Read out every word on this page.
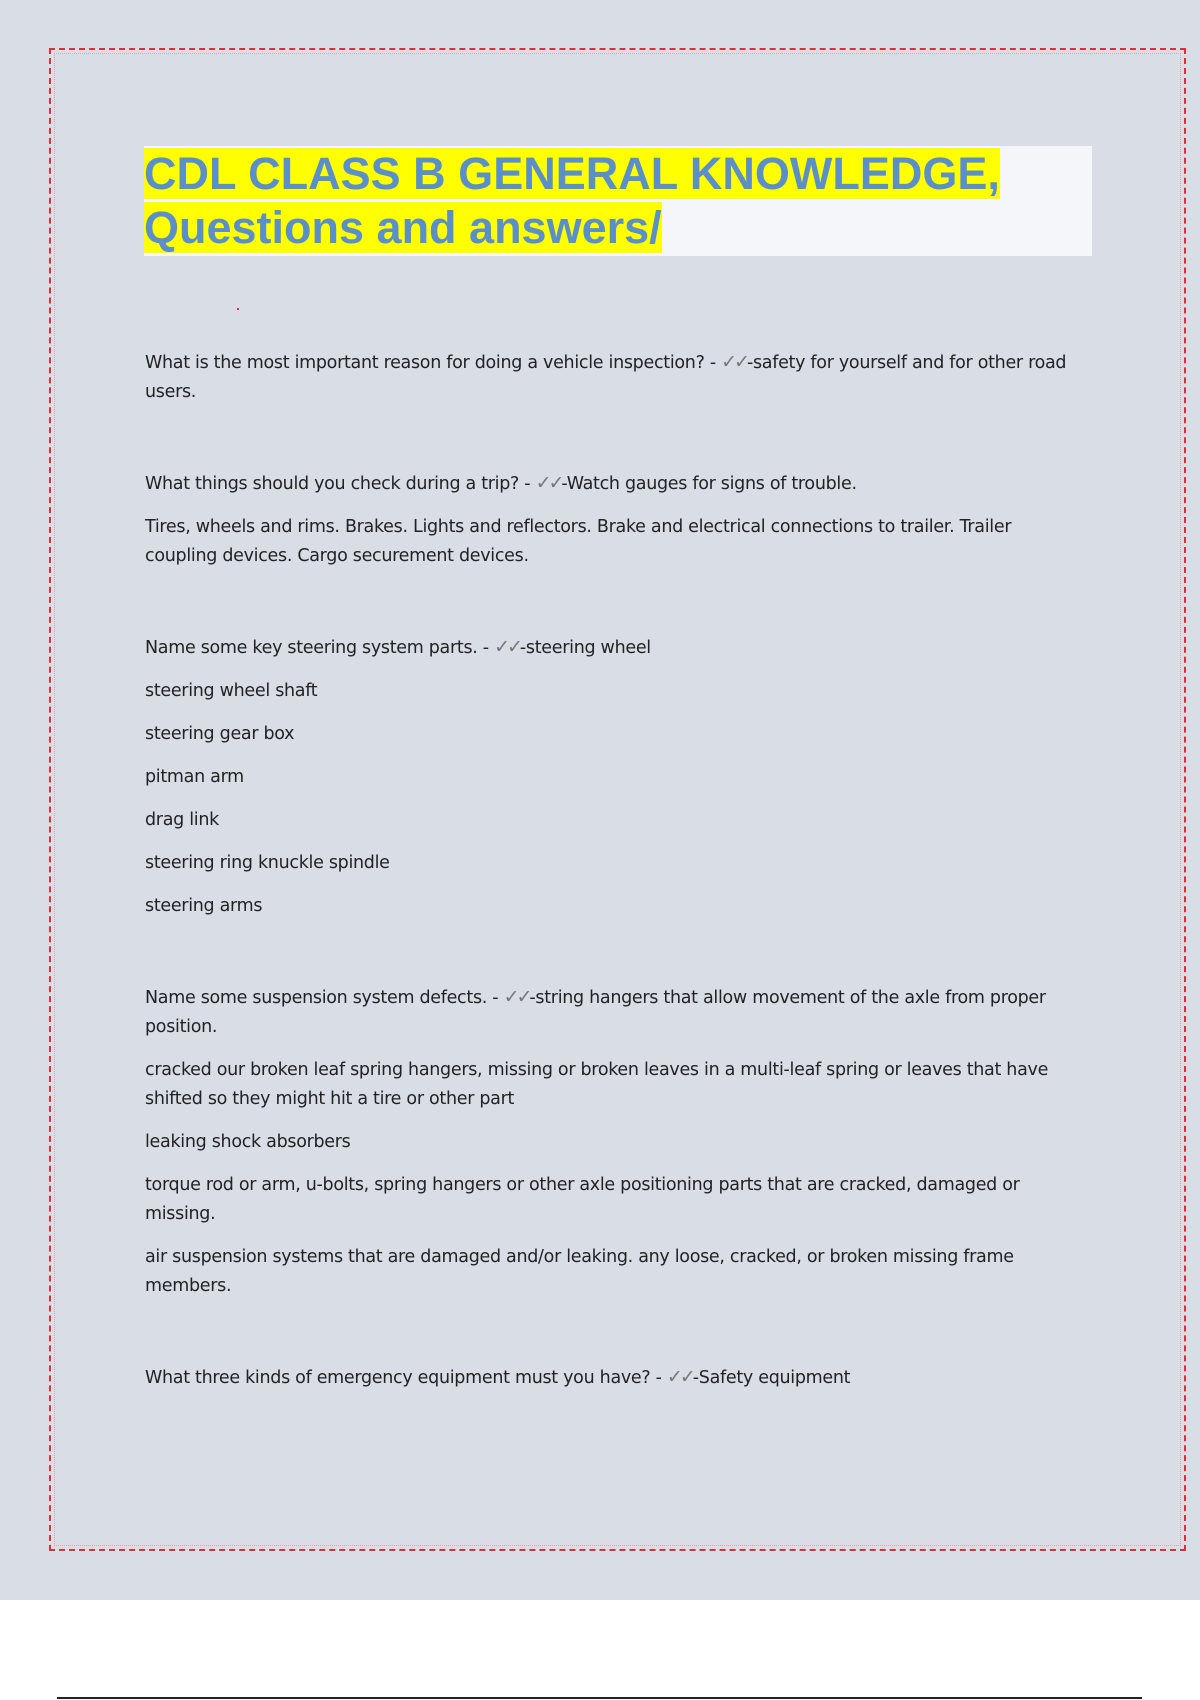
CDL CLASS B GENERAL KNOWLEDGE,
Questions and answers/

What is the most important reason for doing a vehicle inspection? - ✓✓-safety for yourself and for other road users.

What things should you check during a trip? - ✓✓-Watch gauges for signs of trouble.

Tires, wheels and rims. Brakes. Lights and reflectors. Brake and electrical connections to trailer. Trailer coupling devices. Cargo securement devices.

Name some key steering system parts. - ✓✓-steering wheel

steering wheel shaft

steering gear box

pitman arm

drag link

steering ring knuckle spindle

steering arms

Name some suspension system defects. - ✓✓-string hangers that allow movement of the axle from proper position.

cracked our broken leaf spring hangers, missing or broken leaves in a multi-leaf spring or leaves that have shifted so they might hit a tire or other part

leaking shock absorbers

torque rod or arm, u-bolts, spring hangers or other axle positioning parts that are cracked, damaged or missing.

air suspension systems that are damaged and/or leaking. any loose, cracked, or broken missing frame members.

What three kinds of emergency equipment must you have? - ✓✓-Safety equipment
